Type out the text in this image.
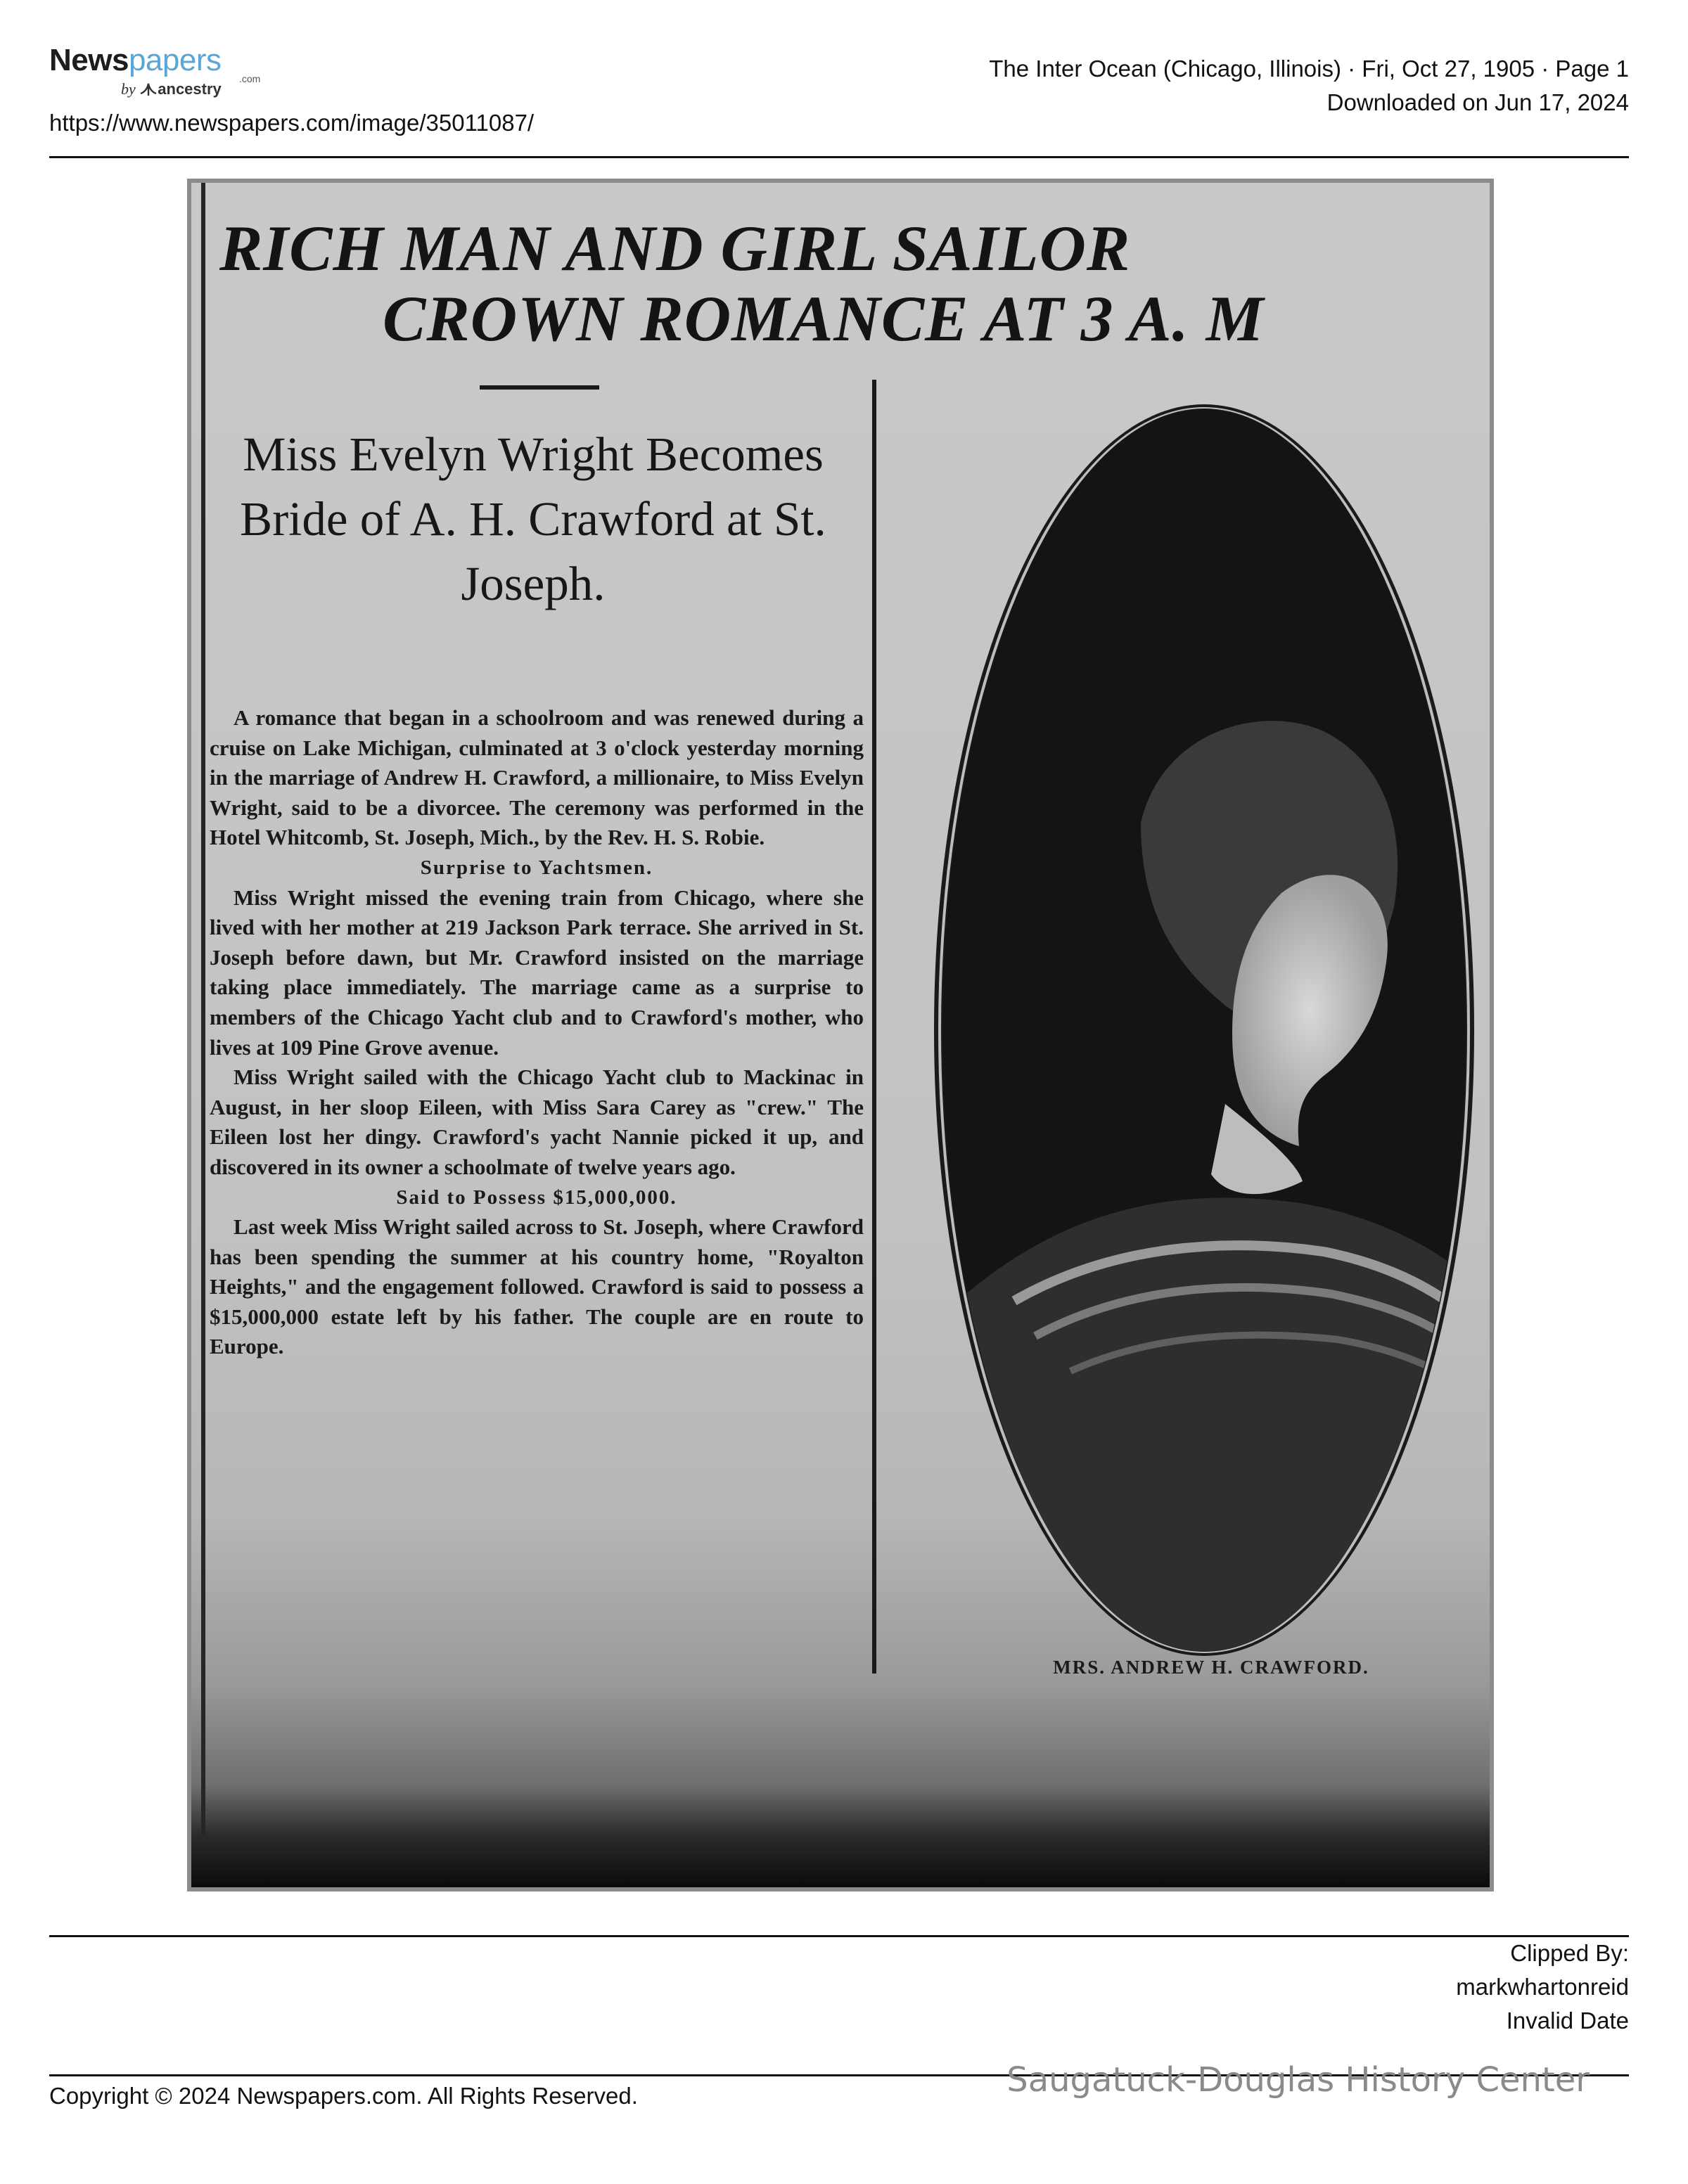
Newspapers
.com
by ancestry
https://www.newspapers.com/image/35011087/
The Inter Ocean (Chicago, Illinois) · Fri, Oct 27, 1905 · Page 1
Downloaded on Jun 17, 2024
RICH MAN AND GIRL SAILOR
CROWN ROMANCE AT 3 A. M
Miss Evelyn Wright Becomes Bride of A. H. Crawford at St. Joseph.

A romance that began in a schoolroom and was renewed during a cruise on Lake Michigan, culminated at 3 o'clock yesterday morning in the marriage of Andrew H. Crawford, a millionaire, to Miss Evelyn Wright, said to be a divorcee. The ceremony was performed in the Hotel Whitcomb, St. Joseph, Mich., by the Rev. H. S. Robie.

Surprise to Yachtsmen.

Miss Wright missed the evening train from Chicago, where she lived with her mother at 219 Jackson Park terrace. She arrived in St. Joseph before dawn, but Mr. Crawford insisted on the marriage taking place immediately. The marriage came as a surprise to members of the Chicago Yacht club and to Crawford's mother, who lives at 109 Pine Grove avenue.

Miss Wright sailed with the Chicago Yacht club to Mackinac in August, in her sloop Eileen, with Miss Sara Carey as "crew." The Eileen lost her dingy. Crawford's yacht Nannie picked it up, and discovered in its owner a schoolmate of twelve years ago.

Said to Possess $15,000,000.

Last week Miss Wright sailed across to St. Joseph, where Crawford has been spending the summer at his country home, "Royalton Heights," and the engagement followed. Crawford is said to possess a $15,000,000 estate left by his father. The couple are en route to Europe.

MRS. ANDREW H. CRAWFORD.
Clipped By:
markwhartonreid
Invalid Date
Copyright © 2024 Newspapers.com. All Rights Reserved.	Saugatuck-Douglas History Center
